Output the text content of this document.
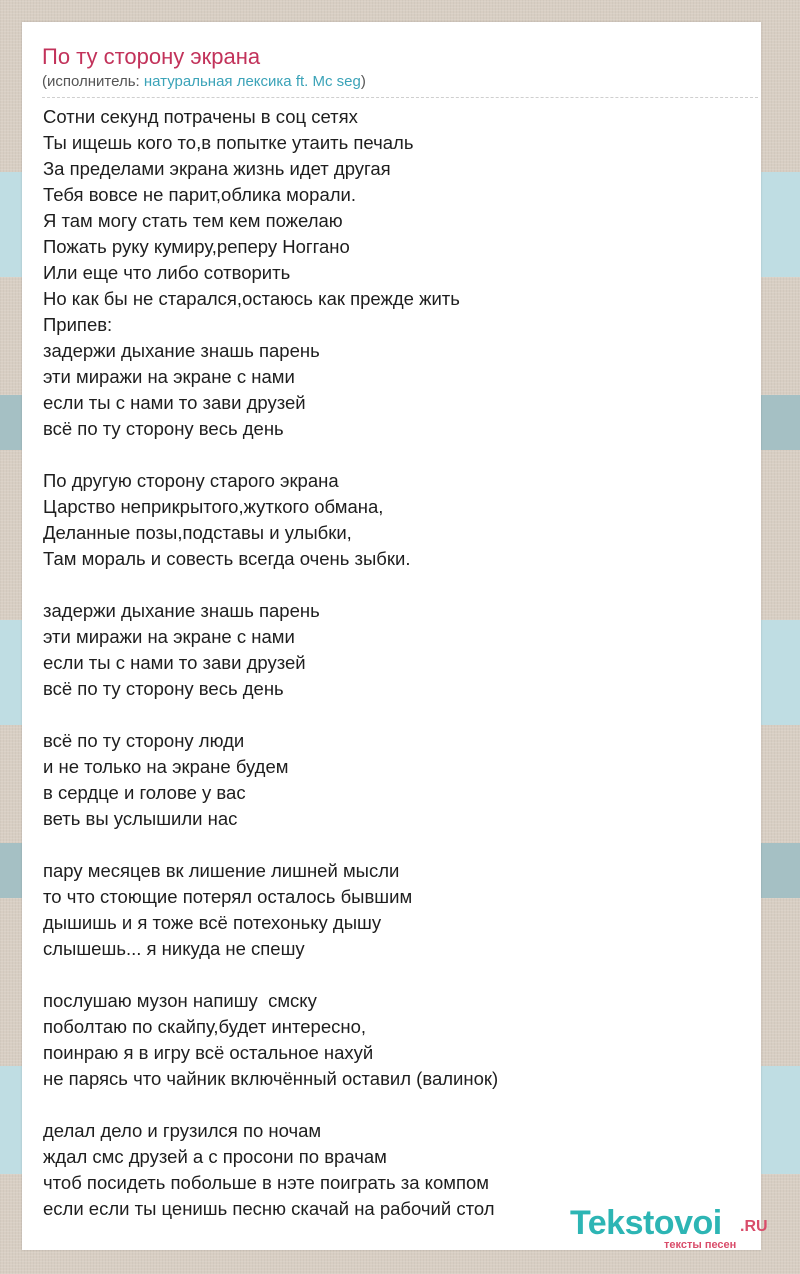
По ту сторону экрана
(исполнитель: натуральная лексика ft. Mc seg)
Сотни секунд потрачены в соц сетях
Ты ищешь кого то,в попытке утаить печаль
За пределами экрана жизнь идет другая
Тебя вовсе не парит,облика морали.
Я там могу стать тем кем пожелаю
Пожать руку кумиру,реперу Ноггано
Или еще что либо сотворить
Но как бы не старался,остаюсь как прежде жить
Припев:
задержи дыхание знашь парень
эти миражи на экране с нами
если ты с нами то зави друзей
всё по ту сторону весь день
По другую сторону старого экрана
Царство неприкрытого,жуткого обмана,
Деланные позы,подставы и улыбки,
Там мораль и совесть всегда очень зыбки.
задержи дыхание знашь парень
эти миражи на экране с нами
если ты с нами то зави друзей
всё по ту сторону весь день
всё по ту сторону люди
и не только на экране будем
в сердце и голове у вас
веть вы услышили нас
пару месяцев вк лишение лишней мысли
то что стоющие потерял осталось бывшим
дышишь и я тоже всё потехоньку дышу
слышешь... я никуда не спешу
послушаю музон напишу  смску
поболтаю по скайпу,будет интересно,
поинраю я в игру всё остальное нахуй
не парясь что чайник включённый оставил (валинок)
делал дело и грузился по ночам
ждал смс друзей а с просони по врачам
чтоб посидеть побольше в нэте поиграть за компом
если если ты ценишь песню скачай на рабочий стол	Tekstovoi .RU
тексты песен
